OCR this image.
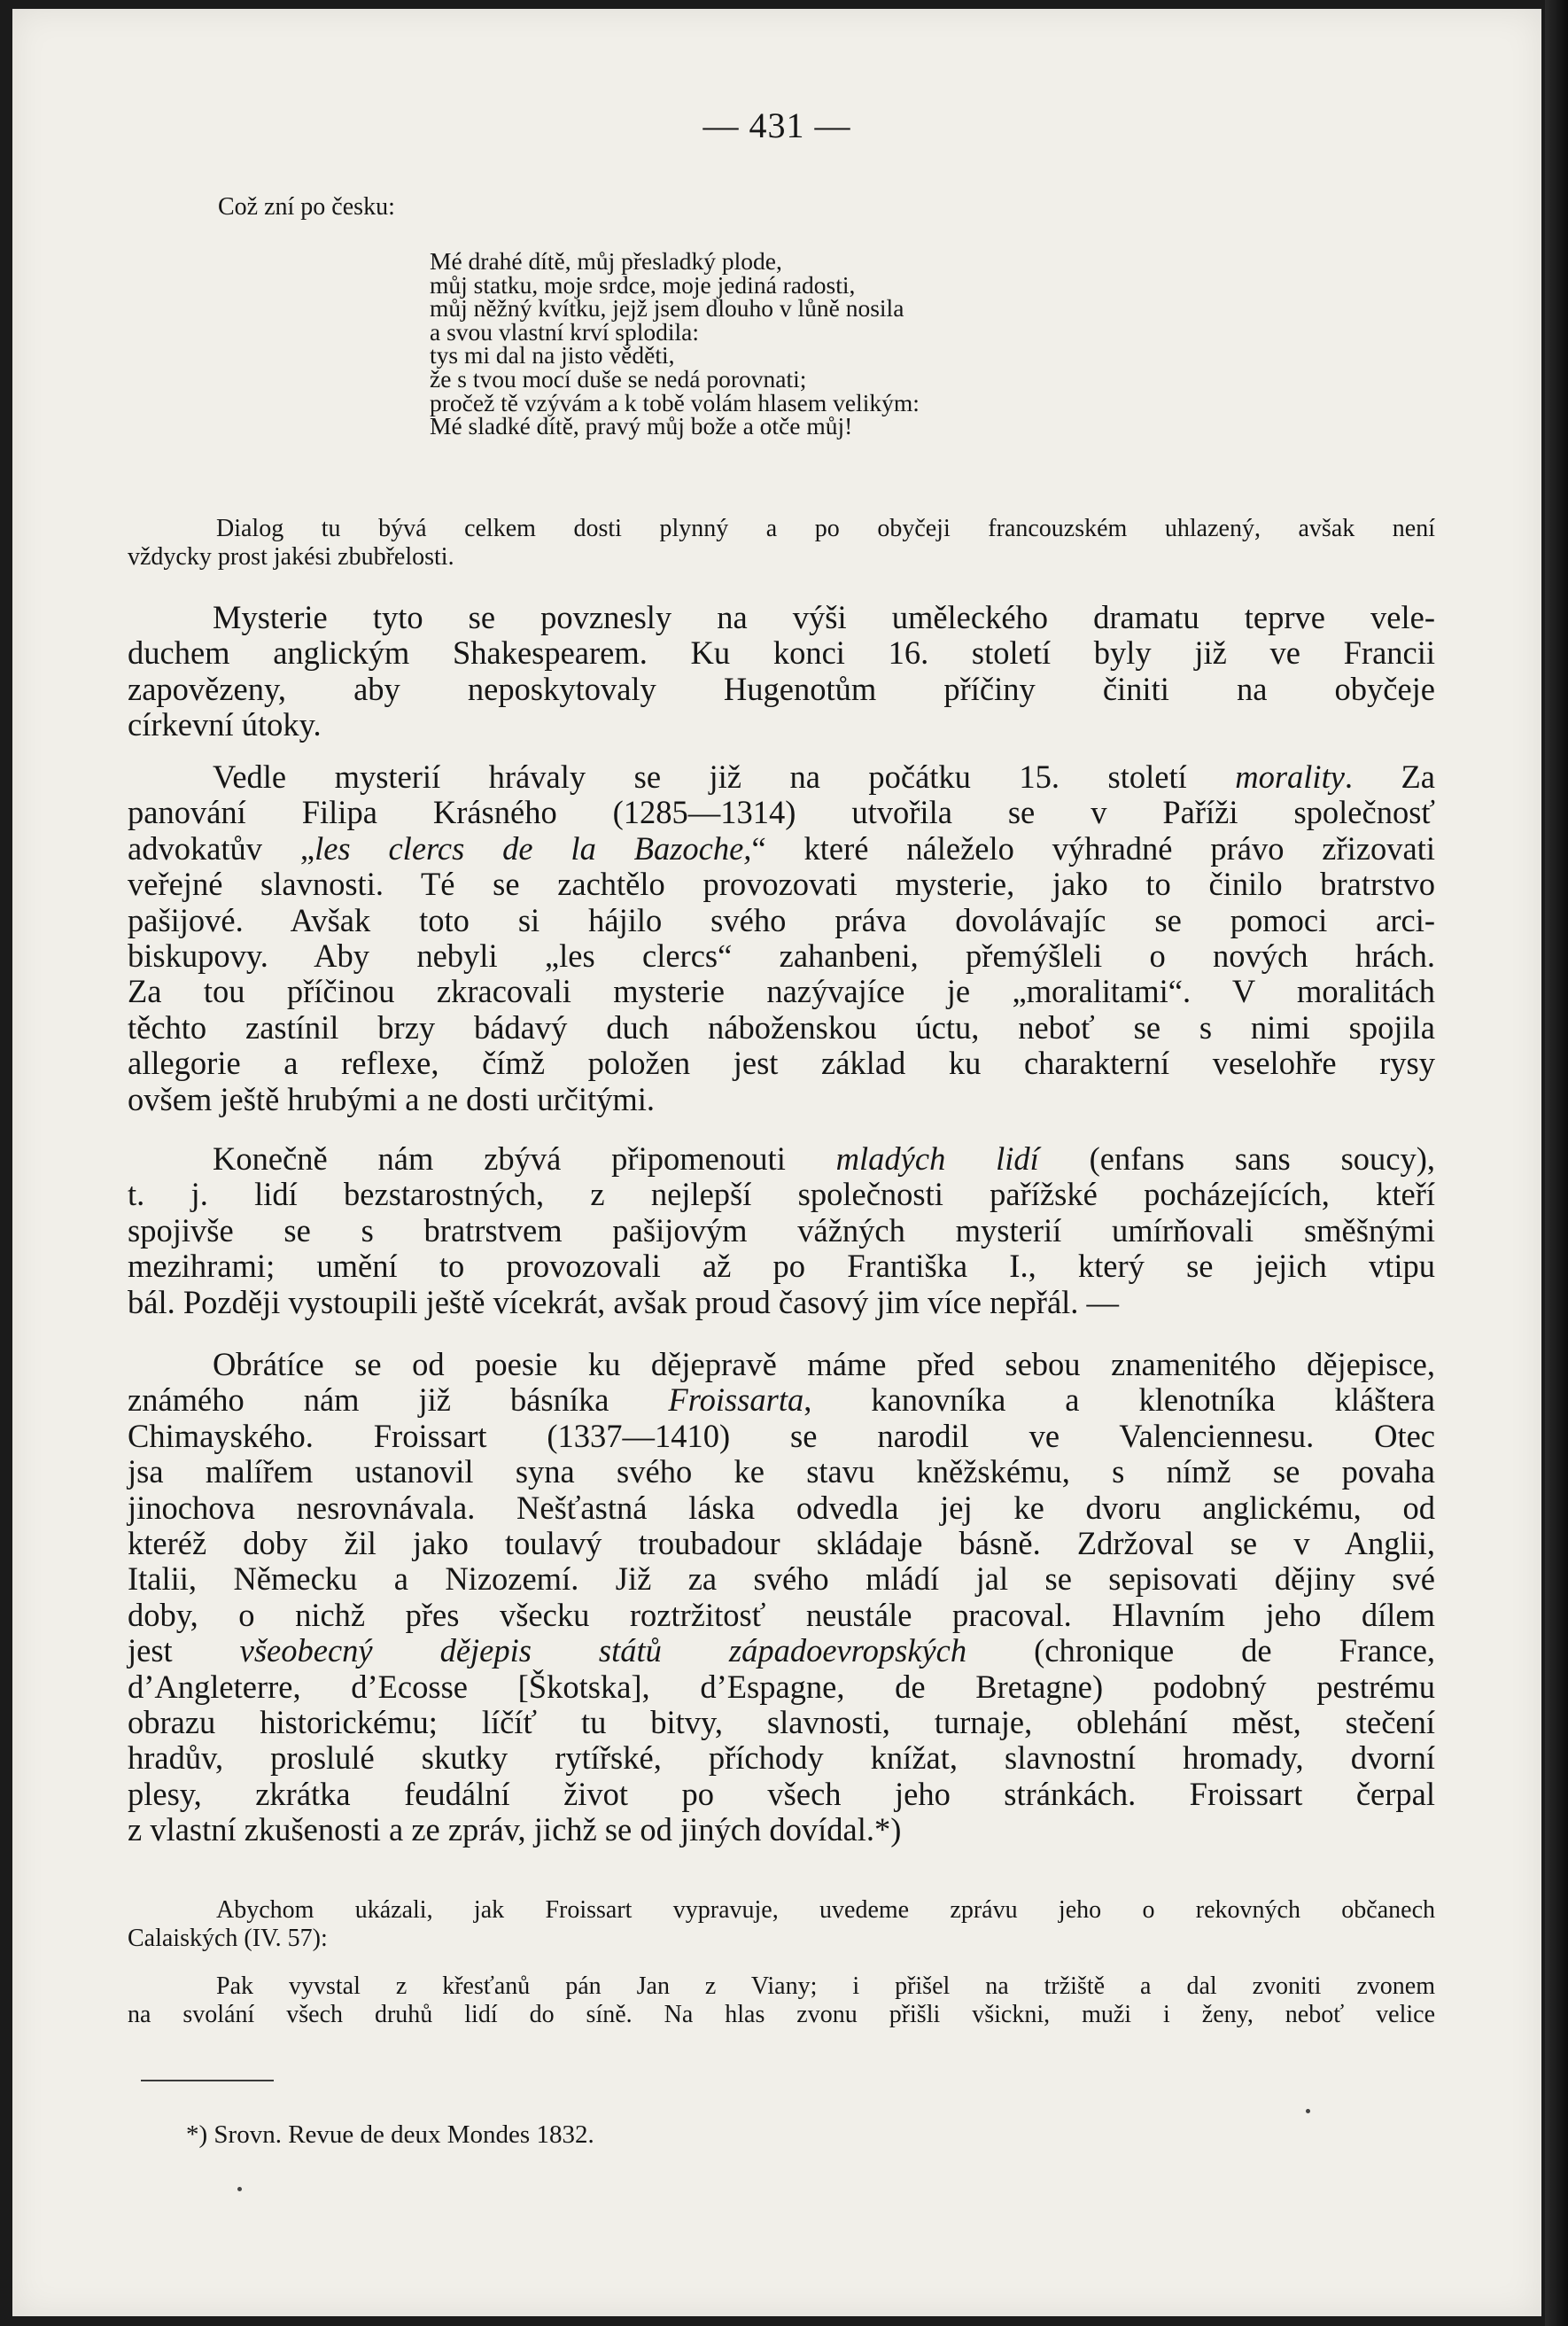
— 431 —
Což zní po česku:
Mé drahé dítě, můj přesladký plode,
můj statku, moje srdce, moje jediná radosti,
můj něžný kvítku, jejž jsem dlouho v lůně nosila
a svou vlastní krví splodila:
tys mi dal na jisto věděti,
že s tvou mocí duše se nedá porovnati;
pročež tě vzývám a k tobě volám hlasem velikým:
Mé sladké dítě, pravý můj bože a otče můj!
Dialog tu bývá celkem dosti plynný a po obyčeji francouzském uhlazený, avšak není
vždycky prost jakési zbubřelosti.
Mysterie tyto se povznesly na výši uměleckého dramatu teprve vele-
duchem anglickým Shakespearem. Ku konci 16. století byly již ve Francii
zapovězeny, aby neposkytovaly Hugenotům příčiny činiti na obyčeje
církevní útoky.
Vedle mysterií hrávaly se již na počátku 15. století morality. Za
panování Filipa Krásného (1285—1314) utvořila se v Paříži společnosť
advokatův „les clercs de la Bazoche,“ které náleželo výhradné právo zřizovati
veřejné slavnosti. Té se zachtělo provozovati mysterie, jako to činilo bratrstvo
pašijové. Avšak toto si hájilo svého práva dovolávajíc se pomoci arci-
biskupovy. Aby nebyli „les clercs“ zahanbeni, přemýšleli o nových hrách.
Za tou příčinou zkracovali mysterie nazývajíce je „moralitami“. V moralitách
těchto zastínil brzy bádavý duch náboženskou úctu, neboť se s nimi spojila
allegorie a reflexe, čímž položen jest základ ku charakterní veselohře rysy
ovšem ještě hrubými a ne dosti určitými.
Konečně nám zbývá připomenouti mladých lidí (enfans sans soucy),
t. j. lidí bezstarostných, z nejlepší společnosti pařížské pocházejících, kteří
spojivše se s bratrstvem pašijovým vážných mysterií umírňovali směšnými
mezihrami; umění to provozovali až po Františka I., který se jejich vtipu
bál. Později vystoupili ještě vícekrát, avšak proud časový jim více nepřál. —
Obrátíce se od poesie ku dějepravě máme před sebou znamenitého dějepisce,
známého nám již básníka Froissarta, kanovníka a klenotníka kláštera
Chimayského. Froissart (1337—1410) se narodil ve Valenciennesu. Otec
jsa malířem ustanovil syna svého ke stavu kněžskému, s nímž se povaha
jinochova nesrovnávala. Nešťastná láska odvedla jej ke dvoru anglickému, od
kteréž doby žil jako toulavý troubadour skládaje básně. Zdržoval se v Anglii,
Italii, Německu a Nizozemí. Již za svého mládí jal se sepisovati dějiny své
doby, o nichž přes všecku roztržitosť neustále pracoval. Hlavním jeho dílem
jest všeobecný dějepis států západoevropských (chronique de France,
d’Angleterre, d’Ecosse [Škotska], d’Espagne, de Bretagne) podobný pestrému
obrazu historickému; líčíť tu bitvy, slavnosti, turnaje, oblehání měst, stečení
hradův, proslulé skutky rytířské, příchody knížat, slavnostní hromady, dvorní
plesy, zkrátka feudální život po všech jeho stránkách. Froissart čerpal
z vlastní zkušenosti a ze zpráv, jichž se od jiných dovídal.*)
Abychom ukázali, jak Froissart vypravuje, uvedeme zprávu jeho o rekovných občanech
Calaiských (IV. 57):
Pak vyvstal z křesťanů pán Jan z Viany; i přišel na tržiště a dal zvoniti zvonem
na svolání všech druhů lidí do síně. Na hlas zvonu přišli všickni, muži i ženy, neboť velice
*) Srovn. Revue de deux Mondes 1832.
